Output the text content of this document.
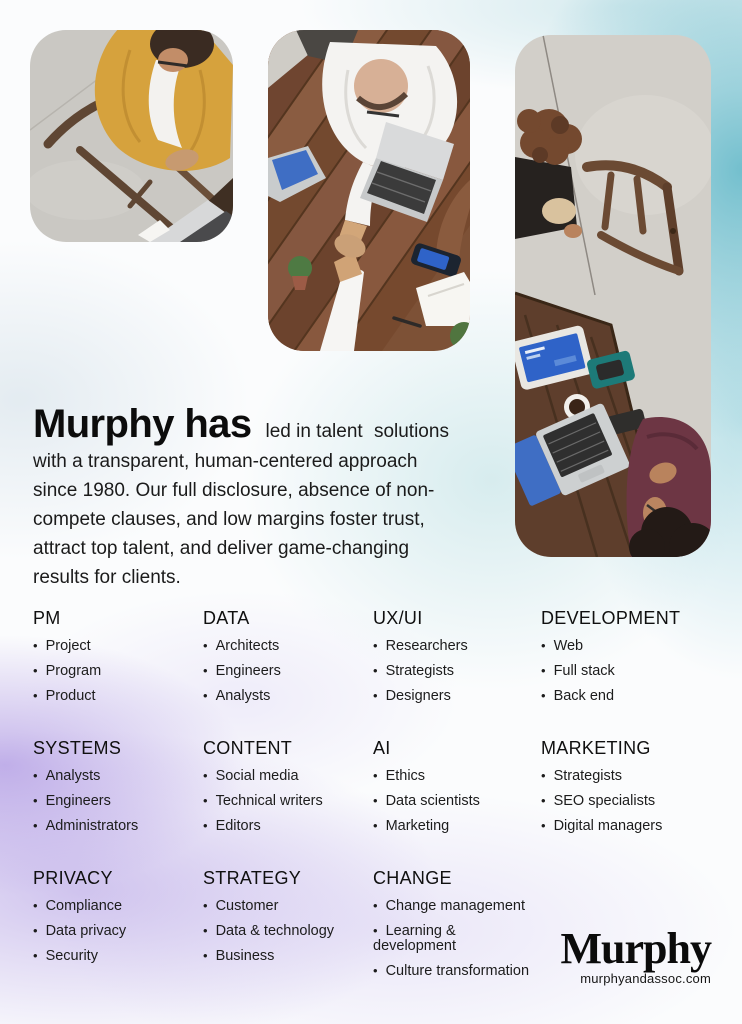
Murphy has led in talent solutions with a transparent, human-centered approach since 1980. Our full disclosure, absence of non-compete clauses, and low margins foster trust, attract top talent, and deliver game-changing results for clients.

PM
• Project
• Program
• Product
DATA
• Architects
• Engineers
• Analysts
UX/UI
• Researchers
• Strategists
• Designers
DEVELOPMENT
• Web
• Full stack
• Back end
SYSTEMS
• Analysts
• Engineers
• Administrators
CONTENT
• Social media
• Technical writers
• Editors
AI
• Ethics
• Data scientists
• Marketing
MARKETING
• Strategists
• SEO specialists
• Digital managers
PRIVACY
• Compliance
• Data privacy
• Security
STRATEGY
• Customer
• Data & technology
• Business
CHANGE
• Change management
• Learning & development
• Culture transformation Murphy
murphyandassoc.com
